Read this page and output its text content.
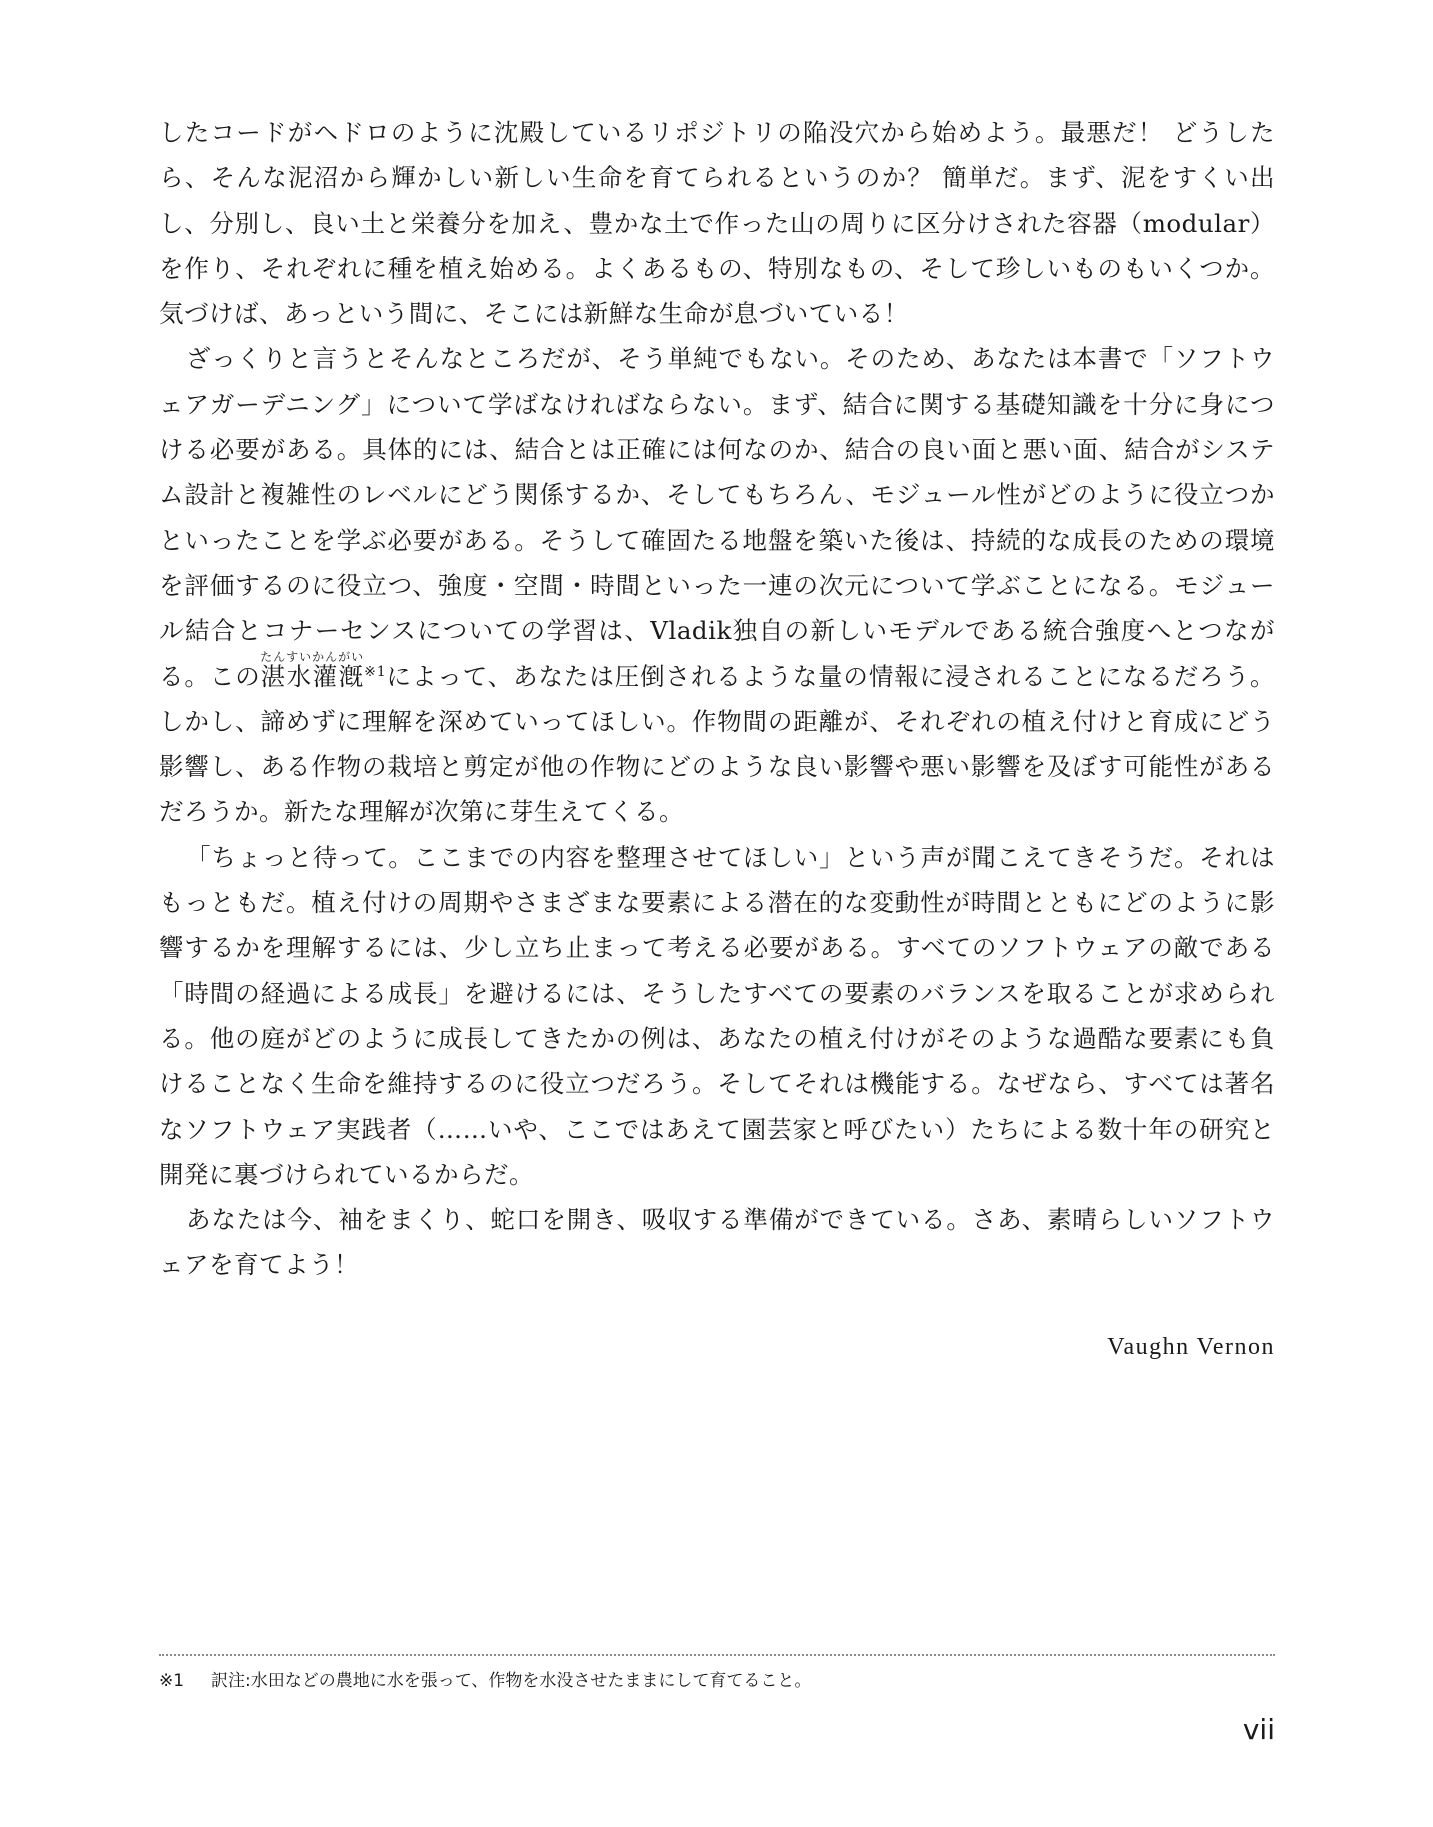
したコードがヘドロのように沈殿しているリポジトリの陥没穴から始めよう。最悪だ！ どうしたら、そんな泥沼から輝かしい新しい生命を育てられるというのか？ 簡単だ。まず、泥をすくい出し、分別し、良い土と栄養分を加え、豊かな土で作った山の周りに区分けされた容器（modular）を作り、それぞれに種を植え始める。よくあるもの、特別なもの、そして珍しいものもいくつか。気づけば、あっという間に、そこには新鮮な生命が息づいている！

ざっくりと言うとそんなところだが、そう単純でもない。そのため、あなたは本書で「ソフトウェアガーデニング」について学ばなければならない。まず、結合に関する基礎知識を十分に身につける必要がある。具体的には、結合とは正確には何なのか、結合の良い面と悪い面、結合がシステム設計と複雑性のレベルにどう関係するか、そしてもちろん、モジュール性がどのように役立つかといったことを学ぶ必要がある。そうして確固たる地盤を築いた後は、持続的な成長のための環境を評価するのに役立つ、強度・空間・時間といった一連の次元について学ぶことになる。モジュール結合とコナーセンスについての学習は、Vladik独自の新しいモデルである統合強度へとつながる。この湛たん水灌漑すいかんがい$^{※1}$によって、あなたは圧倒されるような量の情報に浸されることになるだろう。しかし、諦めずに理解を深めていってほしい。作物間の距離が、それぞれの植え付けと育成にどう影響し、ある作物の栽培と剪定が他の作物にどのような良い影響や悪い影響を及ぼす可能性があるだろうか。新たな理解が次第に芽生えてくる。

「ちょっと待って。ここまでの内容を整理させてほしい」という声が聞こえてきそうだ。それはもっともだ。植え付けの周期やさまざまな要素による潜在的な変動性が時間とともにどのように影響するかを理解するには、少し立ち止まって考える必要がある。すべてのソフトウェアの敵である「時間の経過による成長」を避けるには、そうしたすべての要素のバランスを取ることが求められる。他の庭がどのように成長してきたかの例は、あなたの植え付けがそのような過酷な要素にも負けることなく生命を維持するのに役立つだろう。そしてそれは機能する。なぜなら、すべては著名なソフトウェア実践者（……いや、ここではあえて園芸家と呼びたい）たちによる数十年の研究と開発に裏づけられているからだ。

あなたは今、袖をまくり、蛇口を開き、吸収する準備ができている。さあ、素晴らしいソフトウェアを育てよう！

Vaughn Vernon
※1 訳注:水田などの農地に水を張って、作物を水没させたままにして育てること。
vii
